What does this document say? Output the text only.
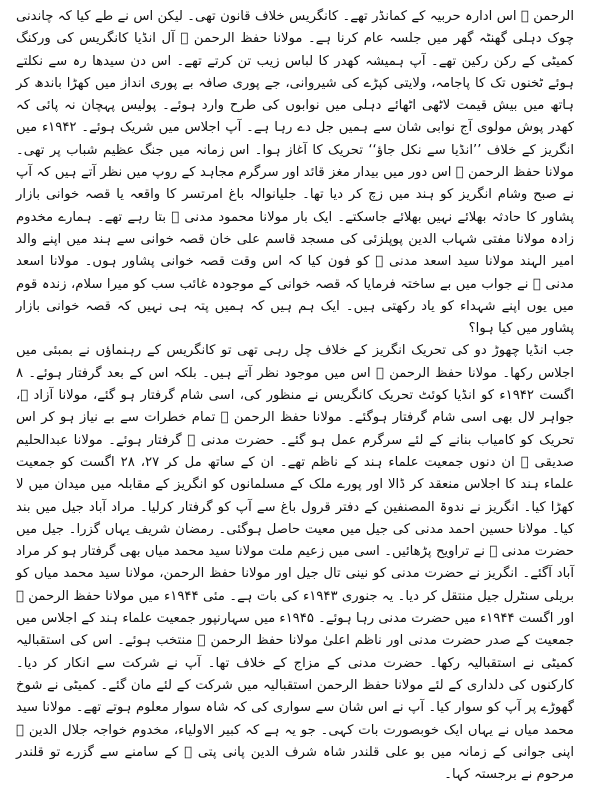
الرحمن ﷫ اس ادارہ حربیہ کے کمانڈر تھے۔ کانگریس خلاف قانون تھی۔ لیکن اس نے طے کیا کہ چاندنی چوک دہلی گھنٹہ گھر میں جلسہ عام کرنا ہے۔ مولانا حفظ الرحمن ﷫ آل انڈیا کانگریس کی ورکنگ کمیٹی کے رکن رکین تھے۔ آپ ہمیشہ کھدر کا لباس زیب تن کرتے تھے۔ اس دن سیدھا رہ سے نکلتے ہوئے ٹخنوں تک کا پاجامہ، ولایتی کپڑے کی شیروانی، جے پوری صافہ بے پوری انداز میں کھڑا باندھ کر ہاتھ میں بیش قیمت لاٹھی اٹھائے دہلی میں نوابوں کی طرح وارد ہوئے۔ پولیس پہچان نہ پائی کہ کھدر پوش مولوی آج نوابی شان سے ہمیں جل دے رہا ہے۔ آپ اجلاس میں شریک ہوئے۔ ۱۹۴۲ء میں انگریز کے خلاف ’’انڈیا سے نکل جاؤ‘‘ تحریک کا آغاز ہوا۔ اس زمانہ میں جنگ عظیم شباب پر تھی۔ مولانا حفظ الرحمن ﷫ اس دور میں بیدار مغز قائد اور سرگرم مجاہد کے روپ میں نظر آتے ہیں کہ آپ نے صبح وشام انگریز کو ہند میں زچ کر دیا تھا۔ جلیانوالہ باغ امرتسر کا واقعہ یا قصہ خوانی بازار پشاور کا حادثہ بھلائے نہیں بھلائے جاسکتے۔ ایک بار مولانا محمود مدنی ﷫ بتا رہے تھے۔ ہمارے مخدوم زادہ مولانا مفتی شہاب الدین پوپلزئی کی مسجد قاسم علی خان قصہ خوانی سے ہند میں اپنے والد امیر الہند مولانا سید اسعد مدنی ﷫ کو فون کیا کہ اس وقت قصہ خوانی پشاور ہوں۔ مولانا اسعد مدنی ﷫ نے جواب میں بے ساختہ فرمایا کہ قصہ خوانی کے موجودہ غائب سب کو میرا سلام، زندہ قوم میں یوں اپنے شہداء کو یاد رکھتی ہیں۔ ایک ہم ہیں کہ ہمیں پتہ ہی نہیں کہ قصہ خوانی بازار پشاور میں کیا ہوا؟

جب انڈیا چھوڑ دو کی تحریک انگریز کے خلاف چل رہی تھی تو کانگریس کے رہنماؤں نے بمبئی میں اجلاس رکھا۔ مولانا حفظ الرحمن ﷫ اس میں موجود نظر آتے ہیں۔ بلکہ اس کے بعد گرفتار ہوئے۔ ۸ اگست ۱۹۴۲ء کو انڈیا کوئٹ تحریک کانگریس نے منظور کی، اسی شام گرفتار ہو گئے، مولانا آزاد ﷫، جواہر لال بھی اسی شام گرفتار ہوگئے۔ مولانا حفظ الرحمن ﷫ تمام خطرات سے بے نیاز ہو کر اس تحریک کو کامیاب بنانے کے لئے سرگرم عمل ہو گئے۔ حضرت مدنی ﷫ گرفتار ہوئے۔ مولانا عبدالحلیم صدیقی ﷫ ان دنوں جمعیت علماء ہند کے ناظم تھے۔ ان کے ساتھ مل کر ۲۷، ۲۸ اگست کو جمعیت علماء ہند کا اجلاس منعقد کر ڈالا اور پورے ملک کے مسلمانوں کو انگریز کے مقابلہ میں میدان میں لا کھڑا کیا۔ انگریز نے ندوۃ المصنفین کے دفتر قرول باغ سے آپ کو گرفتار کرلیا۔ مراد آباد جیل میں بند کیا۔ مولانا حسین احمد مدنی کی جیل میں معیت حاصل ہوگئی۔ رمضان شریف یہاں گزرا۔ جیل میں حضرت مدنی ﷫ نے تراویح پڑھائیں۔ اسی میں زعیم ملت مولانا سید محمد میاں بھی گرفتار ہو کر مراد آباد آگئے۔ انگریز نے حضرت مدنی کو نینی تال جیل اور مولانا حفظ الرحمن، مولانا سید محمد میاں کو بریلی سنٹرل جیل منتقل کر دیا۔ یہ جنوری ۱۹۴۳ء کی بات ہے۔ مئی ۱۹۴۴ء میں مولانا حفظ الرحمن ﷫ اور اگست ۱۹۴۴ء میں حضرت مدنی رہا ہوئے۔ ۱۹۴۵ء میں سہارنپور جمعیت علماء ہند کے اجلاس میں جمعیت کے صدر حضرت مدنی اور ناظم اعلیٰ مولانا حفظ الرحمن ﷫ منتخب ہوئے۔ اس کی استقبالیہ کمیٹی نے استقبالیہ رکھا۔ حضرت مدنی کے مزاج کے خلاف تھا۔ آپ نے شرکت سے انکار کر دیا۔ کارکنوں کی دلداری کے لئے مولانا حفظ الرحمن استقبالیہ میں شرکت کے لئے مان گئے۔ کمیٹی نے شوخ گھوڑے پر آپ کو سوار کیا۔ آپ نے اس شان سے سواری کی کہ شاہ سوار معلوم ہوتے تھے۔ مولانا سید محمد میاں نے یہاں ایک خوبصورت بات کہی۔ جو یہ ہے کہ کبیر الاولیاء، مخدوم خواجہ جلال الدین ﷫ اپنی جوانی کے زمانہ میں بو علی قلندر شاہ شرف الدین پانی پتی ﷫ کے سامنے سے گزرے تو قلندر مرحوم نے برجستہ کہا۔
